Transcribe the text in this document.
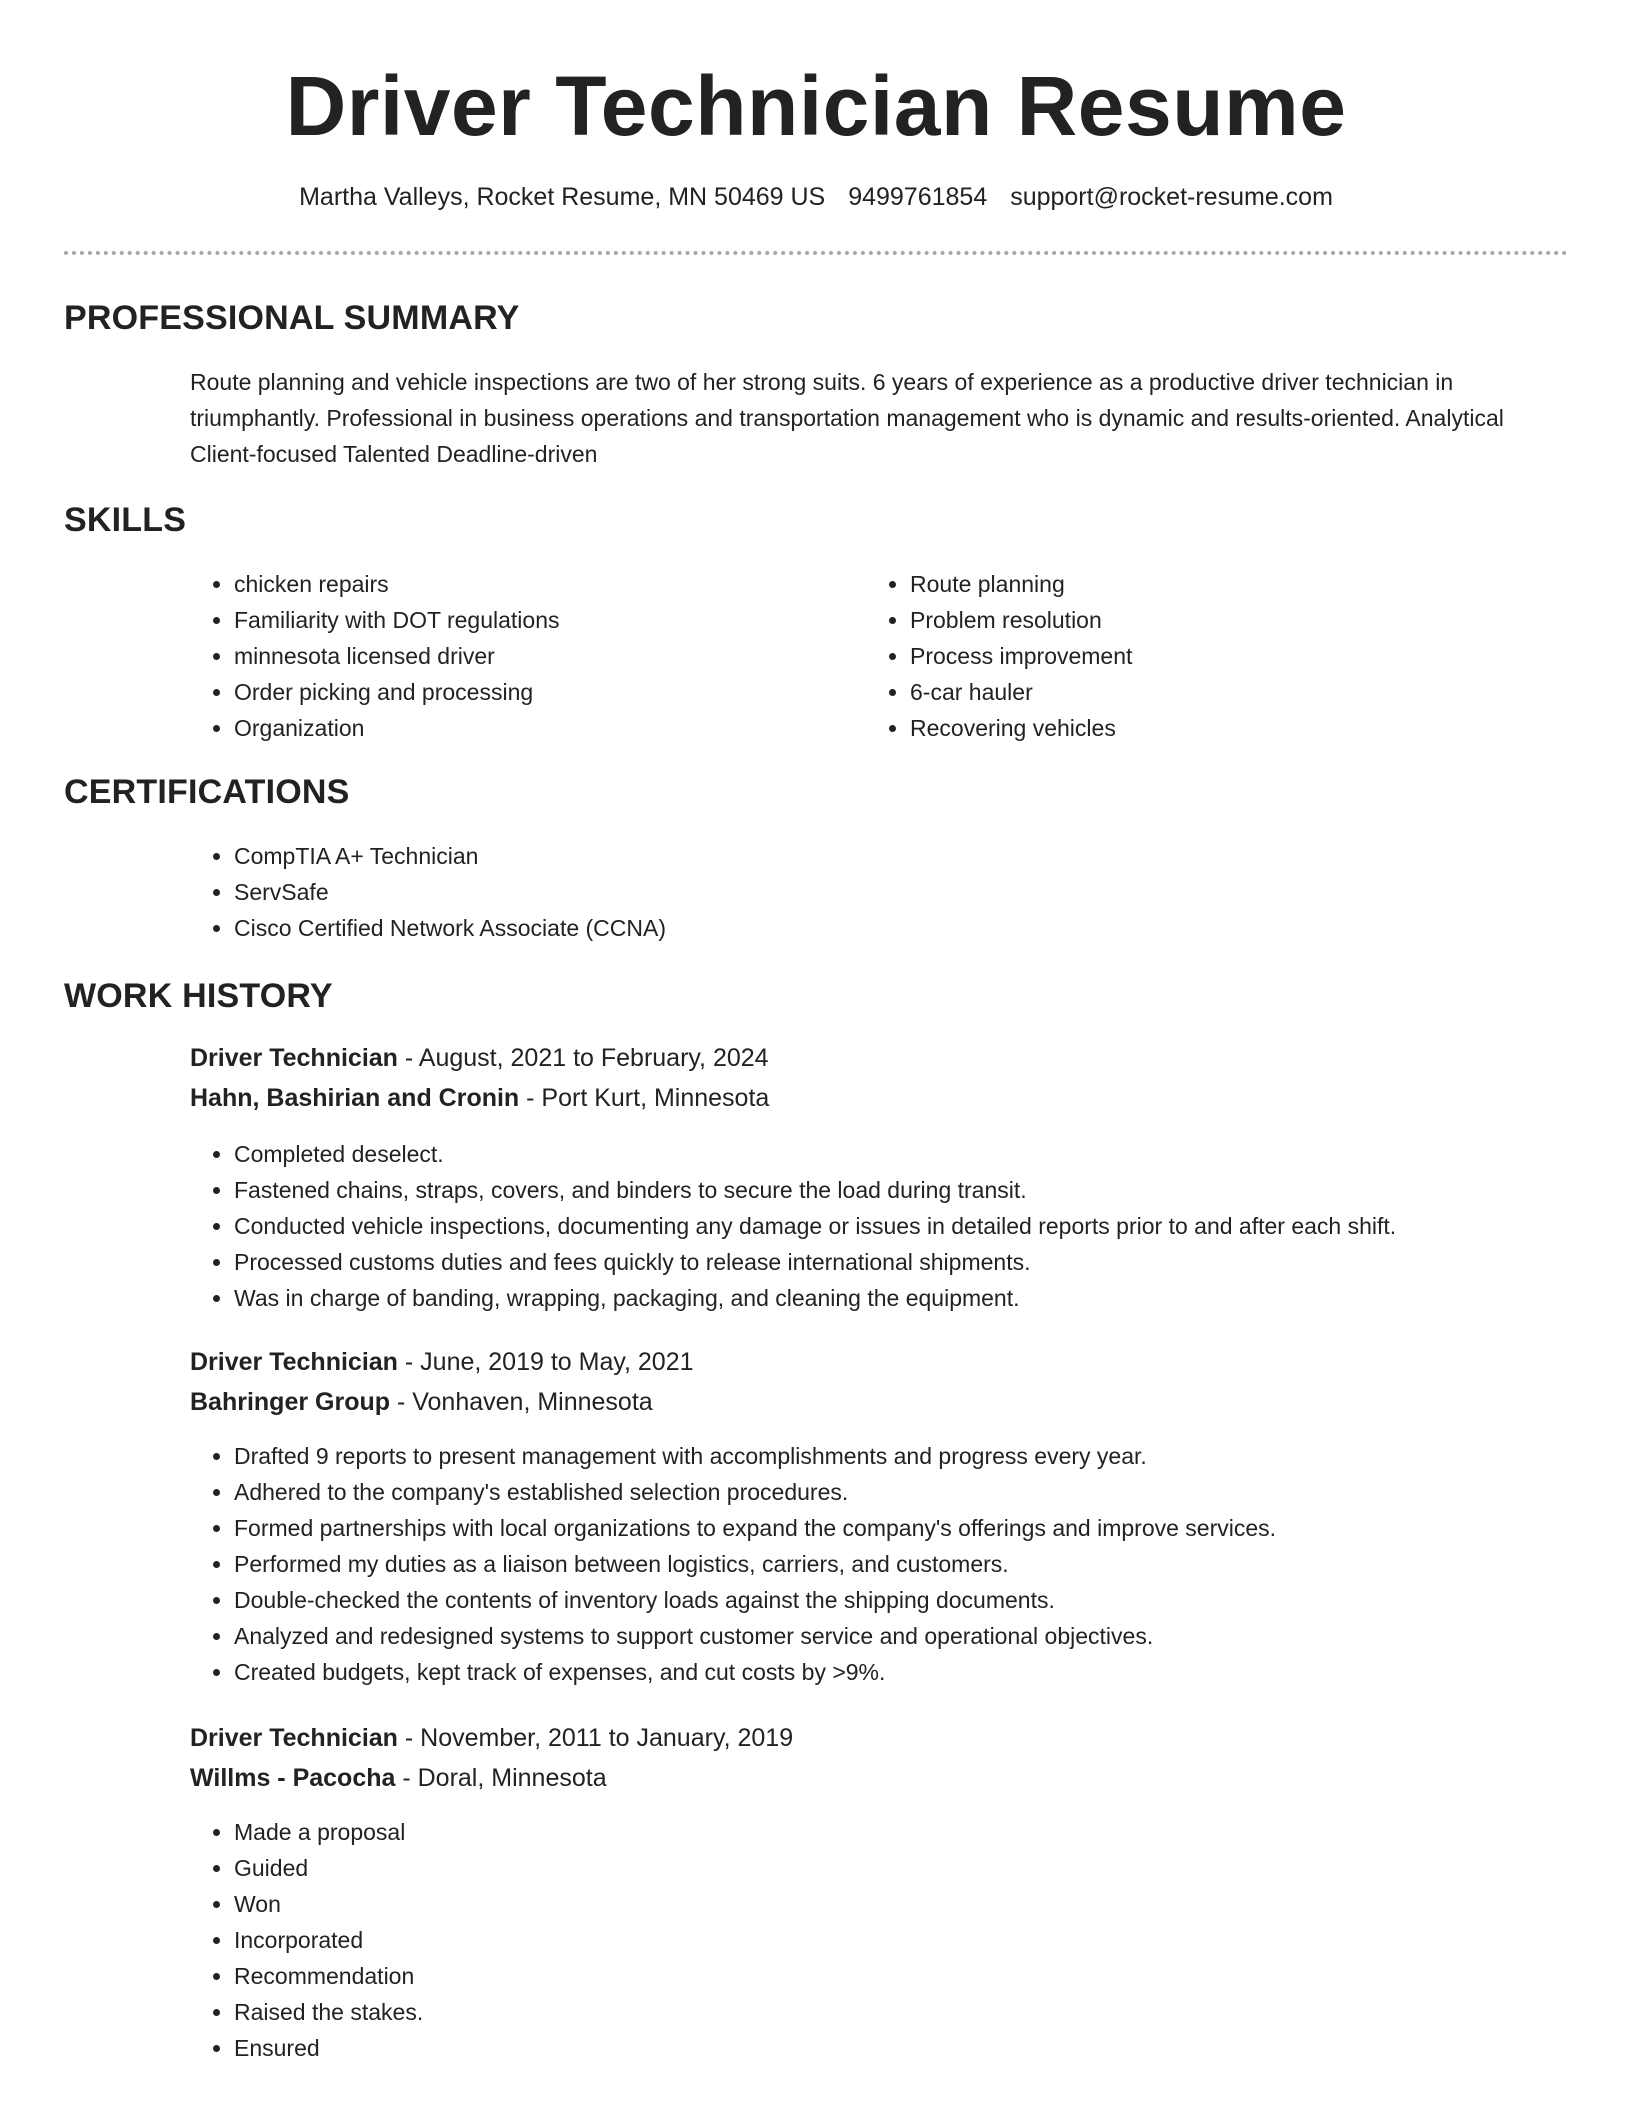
Driver Technician Resume
Martha Valleys, Rocket Resume, MN 50469 US 9499761854 support@rocket-resume.com
PROFESSIONAL SUMMARY

Route planning and vehicle inspections are two of her strong suits. 6 years of experience as a productive driver technician in triumphantly. Professional in business operations and transportation management who is dynamic and results-oriented. Analytical Client-focused Talented Deadline-driven

SKILLS
• chicken repairs
• Familiarity with DOT regulations
• minnesota licensed driver
• Order picking and processing
• Organization
• Route planning
• Problem resolution
• Process improvement
• 6-car hauler
• Recovering vehicles
CERTIFICATIONS
• CompTIA A+ Technician
• ServSafe
• Cisco Certified Network Associate (CCNA)
WORK HISTORY
Driver Technician - August, 2021 to February, 2024
Hahn, Bashirian and Cronin - Port Kurt, Minnesota
• Completed deselect.
• Fastened chains, straps, covers, and binders to secure the load during transit.
• Conducted vehicle inspections, documenting any damage or issues in detailed reports prior to and after each shift.
• Processed customs duties and fees quickly to release international shipments.
• Was in charge of banding, wrapping, packaging, and cleaning the equipment.
Driver Technician - June, 2019 to May, 2021
Bahringer Group - Vonhaven, Minnesota
• Drafted 9 reports to present management with accomplishments and progress every year.
• Adhered to the company's established selection procedures.
• Formed partnerships with local organizations to expand the company's offerings and improve services.
• Performed my duties as a liaison between logistics, carriers, and customers.
• Double-checked the contents of inventory loads against the shipping documents.
• Analyzed and redesigned systems to support customer service and operational objectives.
• Created budgets, kept track of expenses, and cut costs by >9%.
Driver Technician - November, 2011 to January, 2019
Willms - Pacocha - Doral, Minnesota
• Made a proposal
• Guided
• Won
• Incorporated
• Recommendation
• Raised the stakes.
• Ensured
